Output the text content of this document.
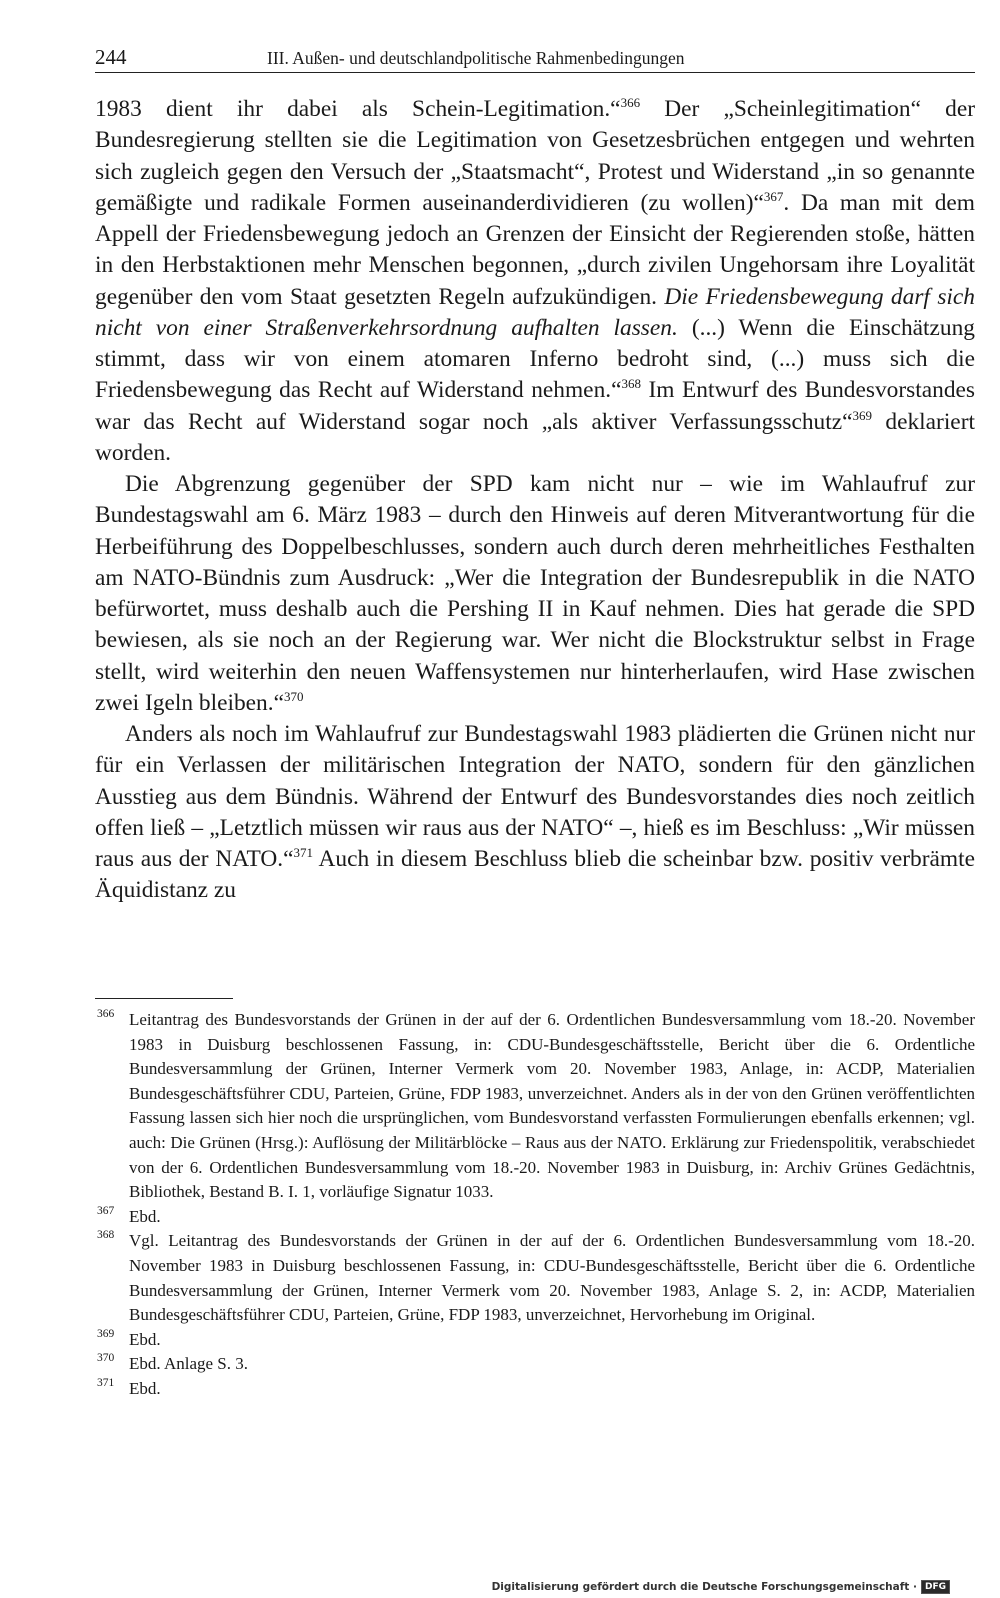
244	III. Außen- und deutschlandpolitische Rahmenbedingungen

1983 dient ihr dabei als Schein-Legitimation.“$^{366}$ Der „Scheinlegitimation“ der Bundesregierung stellten sie die Legitimation von Gesetzesbrüchen entgegen und wehrten sich zugleich gegen den Versuch der „Staatsmacht“, Protest und Widerstand „in so genannte gemäßigte und radikale Formen auseinanderdividieren (zu wollen)“$^{367}$. Da man mit dem Appell der Friedensbewegung jedoch an Grenzen der Einsicht der Regierenden stoße, hätten in den Herbstaktionen mehr Menschen begonnen, „durch zivilen Ungehorsam ihre Loyalität gegenüber den vom Staat gesetzten Regeln aufzukündigen. Die Friedensbewegung darf sich nicht von einer Straßenverkehrsordnung aufhalten lassen. (...) Wenn die Einschätzung stimmt, dass wir von einem atomaren Inferno bedroht sind, (...) muss sich die Friedensbewegung das Recht auf Widerstand nehmen.“$^{368}$ Im Entwurf des Bundesvorstandes war das Recht auf Widerstand sogar noch „als aktiver Verfassungsschutz“$^{369}$ deklariert worden.

Die Abgrenzung gegenüber der SPD kam nicht nur – wie im Wahlaufruf zur Bundestagswahl am 6. März 1983 – durch den Hinweis auf deren Mitverantwortung für die Herbeiführung des Doppelbeschlusses, sondern auch durch deren mehrheitliches Festhalten am NATO-Bündnis zum Ausdruck: „Wer die Integration der Bundesrepublik in die NATO befürwortet, muss deshalb auch die Pershing II in Kauf nehmen. Dies hat gerade die SPD bewiesen, als sie noch an der Regierung war. Wer nicht die Blockstruktur selbst in Frage stellt, wird weiterhin den neuen Waffensystemen nur hinterherlaufen, wird Hase zwischen zwei Igeln bleiben.“$^{370}$

Anders als noch im Wahlaufruf zur Bundestagswahl 1983 plädierten die Grünen nicht nur für ein Verlassen der militärischen Integration der NATO, sondern für den gänzlichen Ausstieg aus dem Bündnis. Während der Entwurf des Bundesvorstandes dies noch zeitlich offen ließ – „Letztlich müssen wir raus aus der NATO“ –, hieß es im Beschluss: „Wir müssen raus aus der NATO.“$^{371}$ Auch in diesem Beschluss blieb die scheinbar bzw. positiv verbrämte Äquidistanz zu

366 Leitantrag des Bundesvorstands der Grünen in der auf der 6. Ordentlichen Bundesversammlung vom 18.-20. November 1983 in Duisburg beschlossenen Fassung, in: CDU-Bundesgeschäftsstelle, Bericht über die 6. Ordentliche Bundesversammlung der Grünen, Interner Vermerk vom 20. November 1983, Anlage, in: ACDP, Materialien Bundesgeschäftsführer CDU, Parteien, Grüne, FDP 1983, unverzeichnet. Anders als in der von den Grünen veröffentlichten Fassung lassen sich hier noch die ursprünglichen, vom Bundesvorstand verfassten Formulierungen ebenfalls erkennen; vgl. auch: Die Grünen (Hrsg.): Auflösung der Militärblöcke – Raus aus der NATO. Erklärung zur Friedenspolitik, verabschiedet von der 6. Ordentlichen Bundesversammlung vom 18.-20. November 1983 in Duisburg, in: Archiv Grünes Gedächtnis, Bibliothek, Bestand B. I. 1, vorläufige Signatur 1033.
367 Ebd.
368 Vgl. Leitantrag des Bundesvorstands der Grünen in der auf der 6. Ordentlichen Bundesversammlung vom 18.-20. November 1983 in Duisburg beschlossenen Fassung, in: CDU-Bundesgeschäftsstelle, Bericht über die 6. Ordentliche Bundesversammlung der Grünen, Interner Vermerk vom 20. November 1983, Anlage S. 2, in: ACDP, Materialien Bundesgeschäftsführer CDU, Parteien, Grüne, FDP 1983, unverzeichnet, Hervorhebung im Original.
369 Ebd.
370 Ebd. Anlage S. 3.
371 Ebd.
Digitalisierung gefördert durch die Deutsche Forschungsgemeinschaft · DFG
